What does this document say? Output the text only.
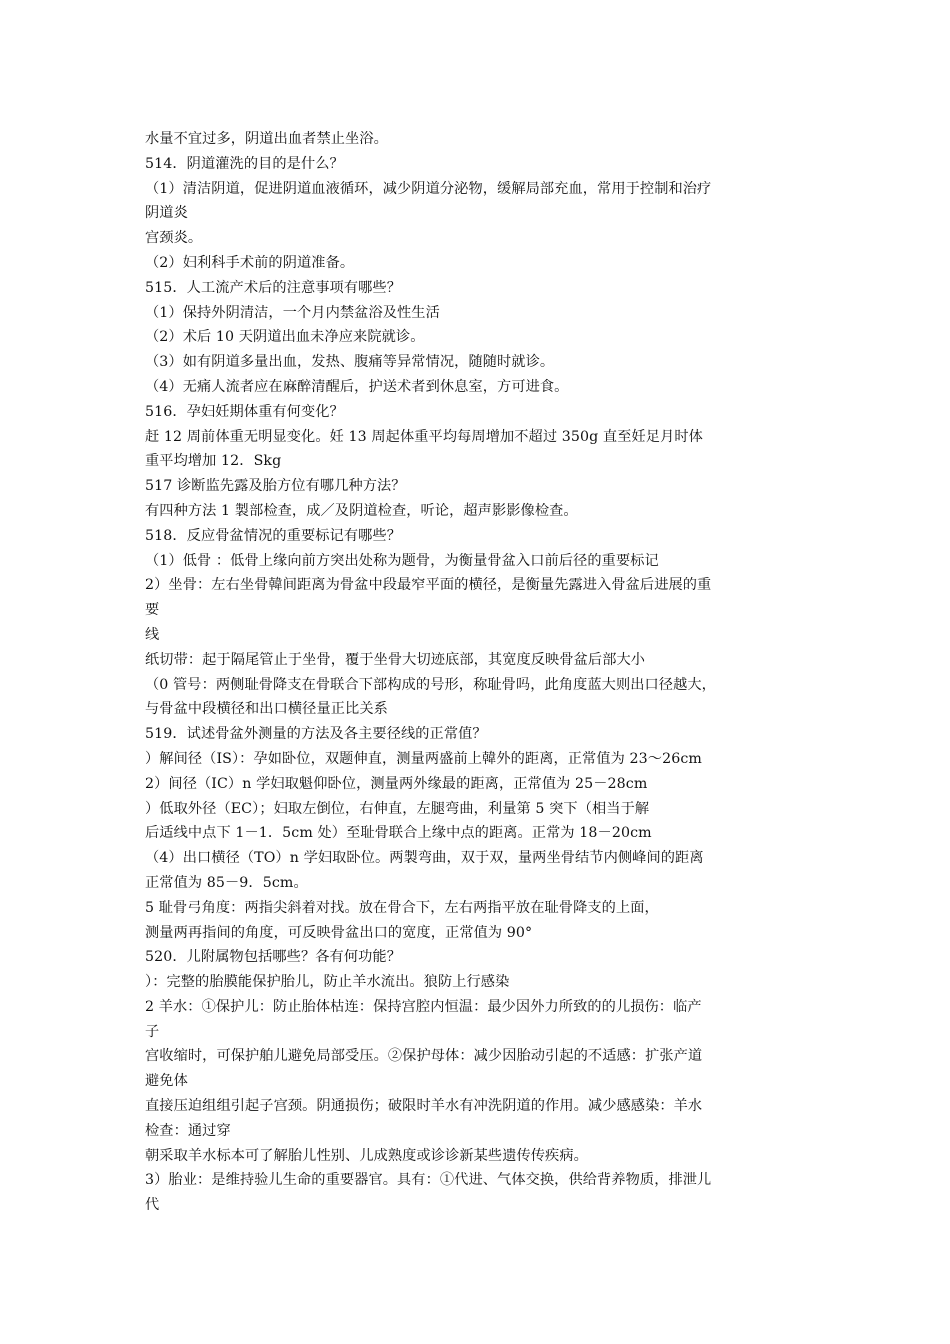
水量不宜过多，阴道出血者禁止坐浴。
514．阴道灌洗的目的是什么？
（1）清洁阴道，促进阴道血液循环，减少阴道分泌物，缓解局部充血，常用于控制和治疗
阴道炎
宫颈炎。
（2）妇利科手术前的阴道准备。
515．人工流产术后的注意事项有哪些？
（1）保持外阴清洁，一个月内禁盆浴及性生活
（2）术后 10 天阴道出血未净应来院就诊。
（3）如有阴道多量出血，发热、腹痛等异常情况，随随时就诊。
（4）无痛人流者应在麻醉清醒后，护送术者到休息室，方可进食。
516．孕妇妊期体重有何变化？
赶 12 周前体重无明显变化。妊 13 周起体重平均每周增加不超过 350g 直至妊足月时体
重平均增加 12．Skg
517 诊断监先露及胎方位有哪几种方法？
有四种方法 1 製部检查，成／及阴道检查，听论，超声影影像检查。
518．反应骨盆情况的重要标记有哪些？
（1）低骨 ：低骨上缘向前方突出处称为题骨，为衡量骨盆入口前后径的重要标记
2）坐骨：左右坐骨韓间距离为骨盆中段最窄平面的横径，是衡量先露进入骨盆后进展的重
要
线
纸切带：起于隔尾管止于坐骨，覆于坐骨大切迹底部，其宽度反映骨盆后部大小
（0 管号：两侧耻骨降支在骨联合下部构成的号形，称耻骨吗，此角度蓝大则出口径越大，
与骨盆中段横径和出口横径量正比关系
519．试述骨盆外测量的方法及各主要径线的正常值？
）解间径（IS）：孕如卧位，双题伸直，测量两盛前上韓外的距离，正常值为 23～26cm
2）间径（IC）n 学妇取魁仰卧位，测量两外缘最的距离，正常值为 25－28cm
）低取外径（EC）；妇取左倒位，右伸直，左腿弯曲，利量第 5 突下（相当于解
后适线中点下 1－1．5cm 处）至耻骨联合上缘中点的距离。正常为 18－20cm
（4）出口横径（TO）n 学妇取卧位。两製弯曲，双于双，量两坐骨结节内侧峰间的距离
正常值为 85－9．5cm。
5 耻骨弓角度：两指尖斜着对找。放在骨合下，左右两指平放在耻骨降支的上面，
测量两再指间的角度，可反映骨盆出口的宽度，正常值为 90°
520．儿附属物包括哪些？各有何功能？
）：完整的胎膜能保护胎儿，防止羊水流出。狼防上行感染
2 羊水：①保护儿：防止胎体枯连：保持宫腔内恒温：最少因外力所致的的儿损伤：临产
子
宫收缩时，可保护舶儿避免局部受压。②保护母体：减少因胎动引起的不适感：扩张产道
避免体
直接压迫组组引起子宫颈。阴通损伤；破限时羊水有冲洗阴道的作用。减少感感染：羊水
检查：通过穿
朝采取羊水标本可了解胎儿性别、儿成熟度或诊诊新某些遗传传疾病。
3）胎业：是维持验儿生命的重要器官。具有：①代进、气体交换，供给背养物质，排泄儿
代
